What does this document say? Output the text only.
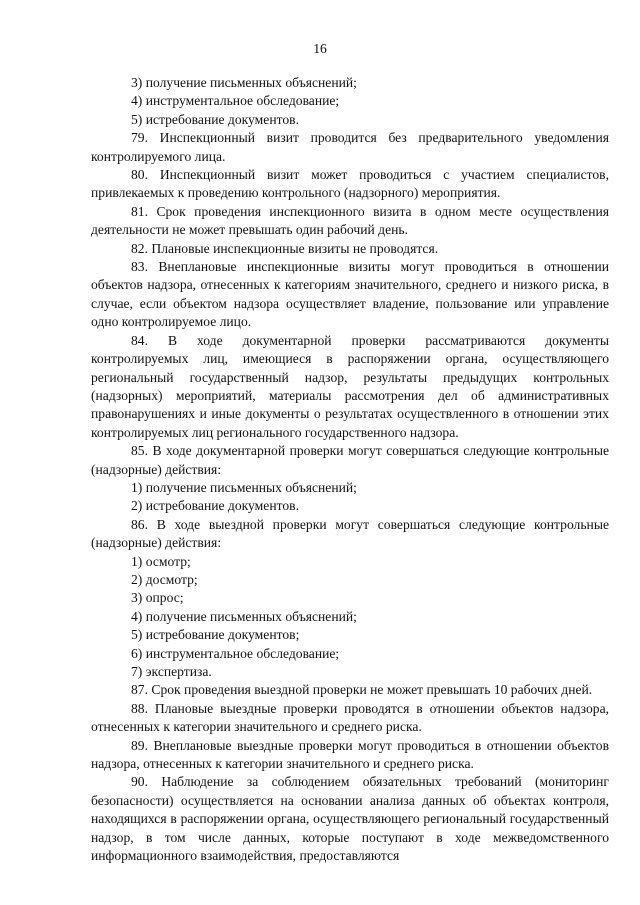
16

3) получение письменных объяснений;

4) инструментальное обследование;

5) истребование документов.

79. Инспекционный визит проводится без предварительного уведомления контролируемого лица.

80. Инспекционный визит может проводиться с участием специалистов, привлекаемых к проведению контрольного (надзорного) мероприятия.

81. Срок проведения инспекционного визита в одном месте осуществления деятельности не может превышать один рабочий день.

82. Плановые инспекционные визиты не проводятся.

83. Внеплановые инспекционные визиты могут проводиться в отношении объектов надзора, отнесенных к категориям значительного, среднего и низкого риска, в случае, если объектом надзора осуществляет владение, пользование или управление одно контролируемое лицо.

84. В ходе документарной проверки рассматриваются документы контролируемых лиц, имеющиеся в распоряжении органа, осуществляющего региональный государственный надзор, результаты предыдущих контрольных (надзорных) мероприятий, материалы рассмотрения дел об административных правонарушениях и иные документы о результатах осуществленного в отношении этих контролируемых лиц регионального государственного надзора.

85. В ходе документарной проверки могут совершаться следующие контрольные (надзорные) действия:

1) получение письменных объяснений;

2) истребование документов.

86. В ходе выездной проверки могут совершаться следующие контрольные (надзорные) действия:

1) осмотр;

2) досмотр;

3) опрос;

4) получение письменных объяснений;

5) истребование документов;

6) инструментальное обследование;

7) экспертиза.

87. Срок проведения выездной проверки не может превышать 10 рабочих дней.

88. Плановые выездные проверки проводятся в отношении объектов надзора, отнесенных к категории значительного и среднего риска.

89. Внеплановые выездные проверки могут проводиться в отношении объектов надзора, отнесенных к категории значительного и среднего риска.

90. Наблюдение за соблюдением обязательных требований (мониторинг безопасности) осуществляется на основании анализа данных об объектах контроля, находящихся в распоряжении органа, осуществляющего региональный государственный надзор, в том числе данных, которые поступают в ходе межведомственного информационного взаимодействия, предоставляются
